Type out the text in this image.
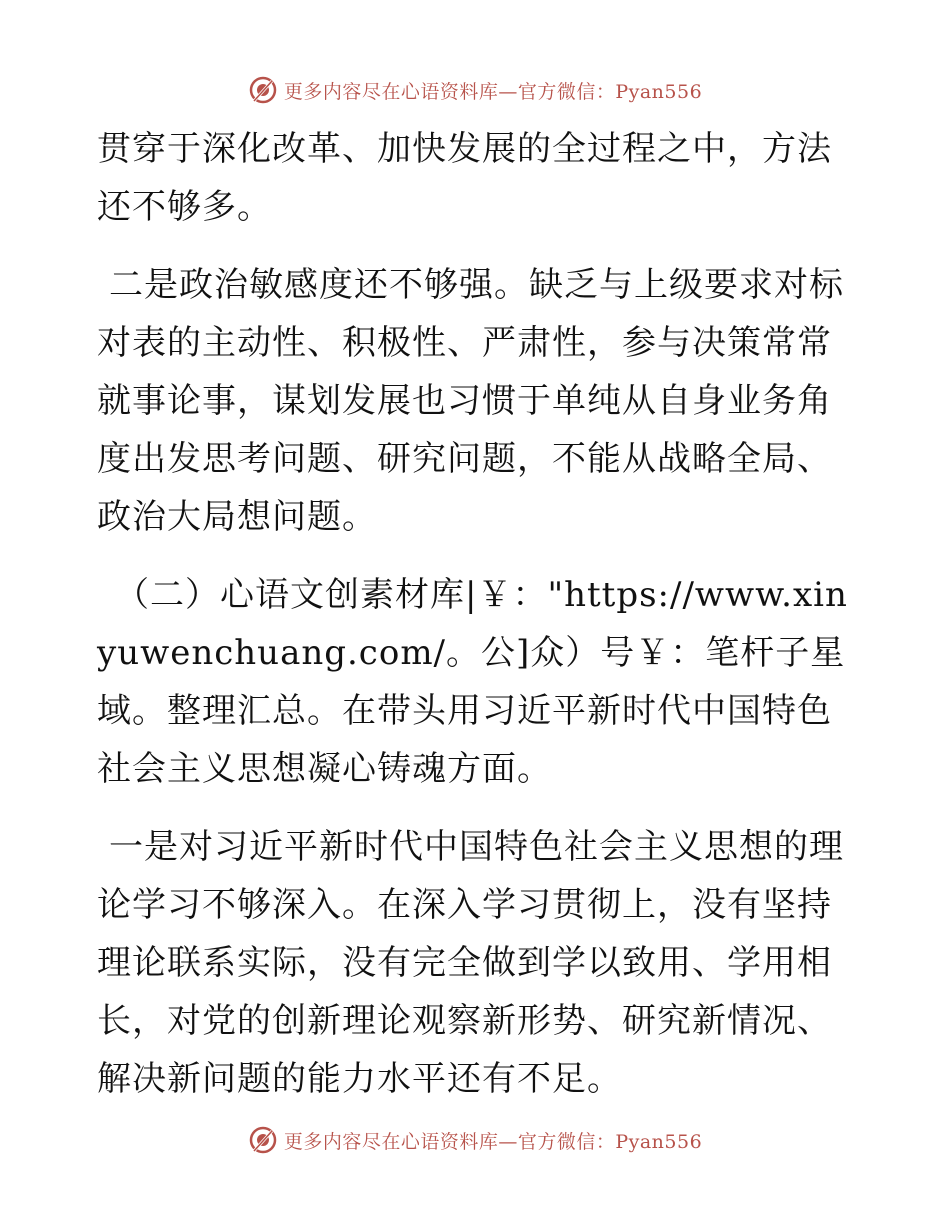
更多内容尽在心语资料库—官方微信：Pyan556

贯穿于深化改革、加快发展的全过程之中，方法还不够多。

二是政治敏感度还不够强。缺乏与上级要求对标对表的主动性、积极性、严肃性，参与决策常常就事论事，谋划发展也习惯于单纯从自身业务角度出发思考问题、研究问题，不能从战略全局、政治大局想问题。

（二）心语文创素材库|￥："https://www.xinyuwenchuang.com/。公]众）号￥：笔杆子星域。整理汇总。在带头用习近平新时代中国特色社会主义思想凝心铸魂方面。

一是对习近平新时代中国特色社会主义思想的理论学习不够深入。在深入学习贯彻上，没有坚持理论联系实际，没有完全做到学以致用、学用相长，对党的创新理论观察新形势、研究新情况、解决新问题的能力水平还有不足。

更多内容尽在心语资料库—官方微信：Pyan556
